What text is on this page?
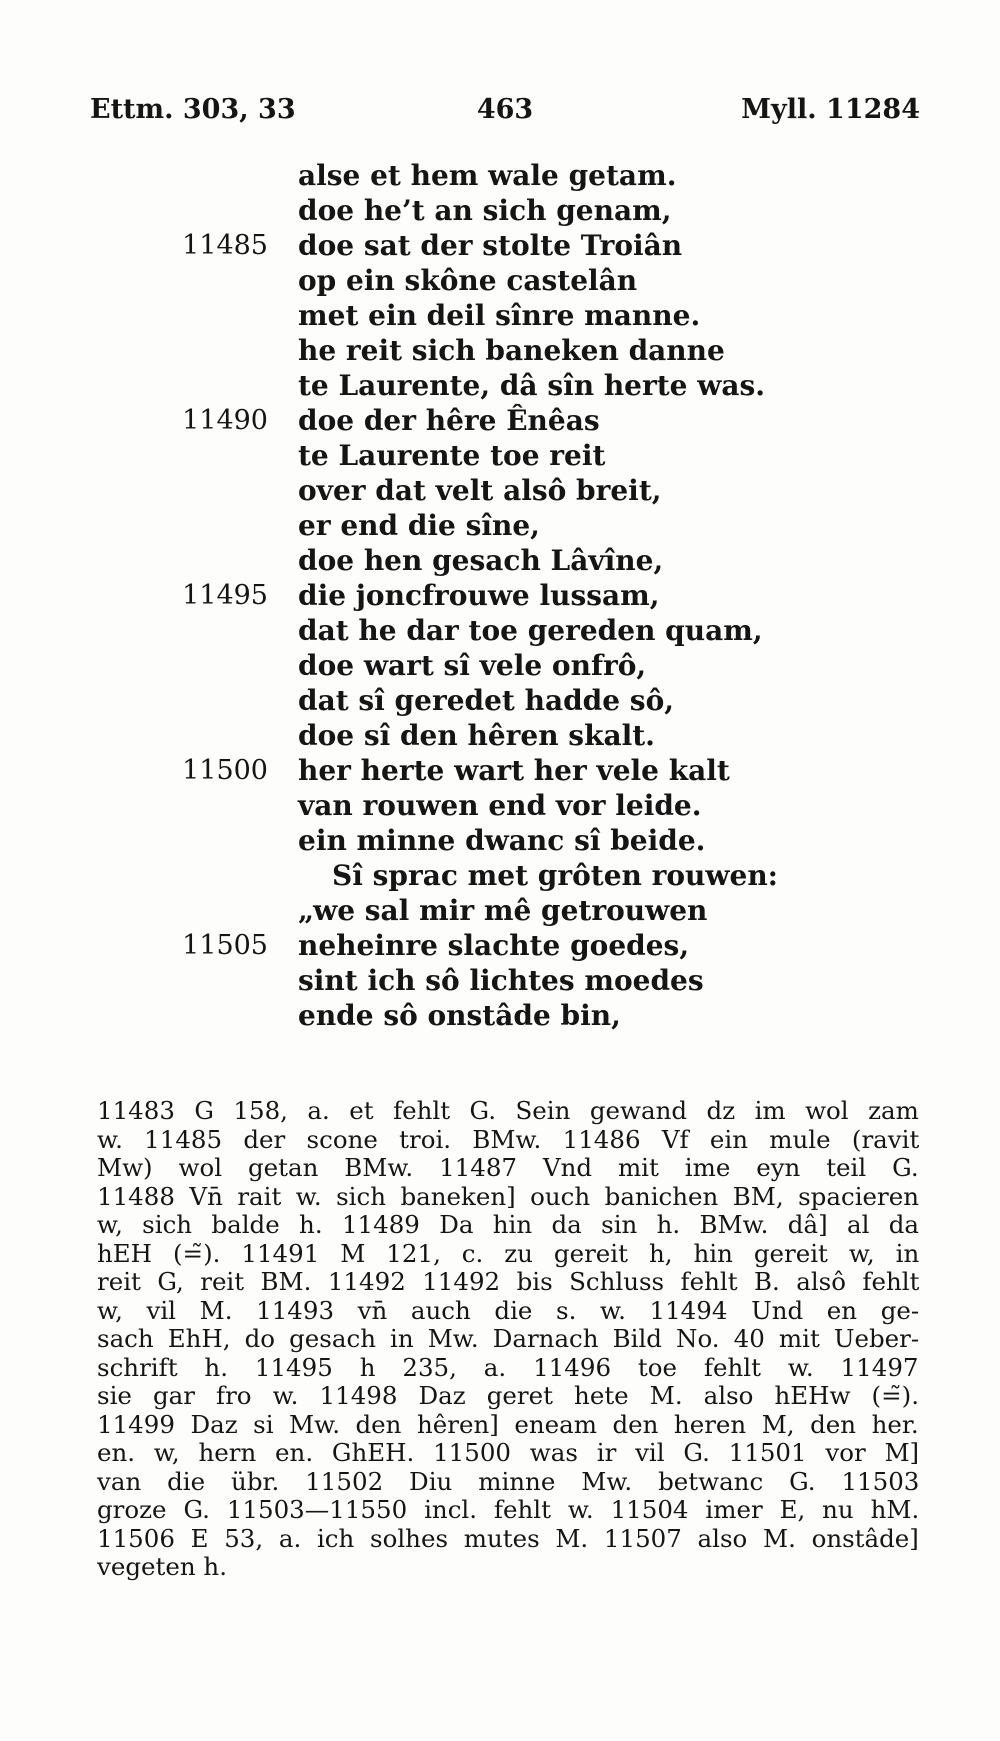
Ettm. 303, 33	463	Myll. 11284
alse et hem wale getam.
doe he’t an sich genam,
11485 doe sat der stolte Troiân
op ein skône castelân
met ein deil sînre manne.
he reit sich baneken danne
te Laurente, dâ sîn herte was.
11490 doe der hêre Ênêas
te Laurente toe reit
over dat velt alsô breit,
er end die sîne,
doe hen gesach Lâvîne,
11495 die joncfrouwe lussam,
dat he dar toe gereden quam,
doe wart sî vele onfrô,
dat sî geredet hadde sô,
doe sî den hêren skalt.
11500 her herte wart her vele kalt
van rouwen end vor leide.
ein minne dwanc sî beide.
Sî sprac met grôten rouwen:
„we sal mir mê getrouwen
11505 neheinre slachte goedes,
sint ich sô lichtes moedes
ende sô onstâde bin,
11483 G 158, a. et fehlt G. Sein gewand dz im wol zam
w. 11485 der scone troi. BMw. 11486 Vf ein mule (ravit
Mw) wol getan BMw. 11487 Vnd mit ime eyn teil G.
11488 Vn̄ rait w. sich baneken] ouch banichen BM, spacieren
w, sich balde h. 11489 Da hin da sin h. BMw. dâ] al da
hEH (=̃). 11491 M 121, c. zu gereit h, hin gereit w, in
reit G, reit BM. 11492 11492 bis Schluss fehlt B. alsô fehlt
w, vil M. 11493 vn̄ auch die s. w. 11494 Und en ge-
sach EhH, do gesach in Mw. Darnach Bild No. 40 mit Ueber-
schrift h. 11495 h 235, a. 11496 toe fehlt w. 11497
sie gar fro w. 11498 Daz geret hete M. also hEHw (=̃).
11499 Daz si Mw. den hêren] eneam den heren M, den her.
en. w, hern en. GhEH. 11500 was ir vil G. 11501 vor M]
van die übr. 11502 Diu minne Mw. betwanc G. 11503
groze G. 11503—11550 incl. fehlt w. 11504 imer E, nu hM.
11506 E 53, a. ich solhes mutes M. 11507 also M. onstâde]
vegeten h.
